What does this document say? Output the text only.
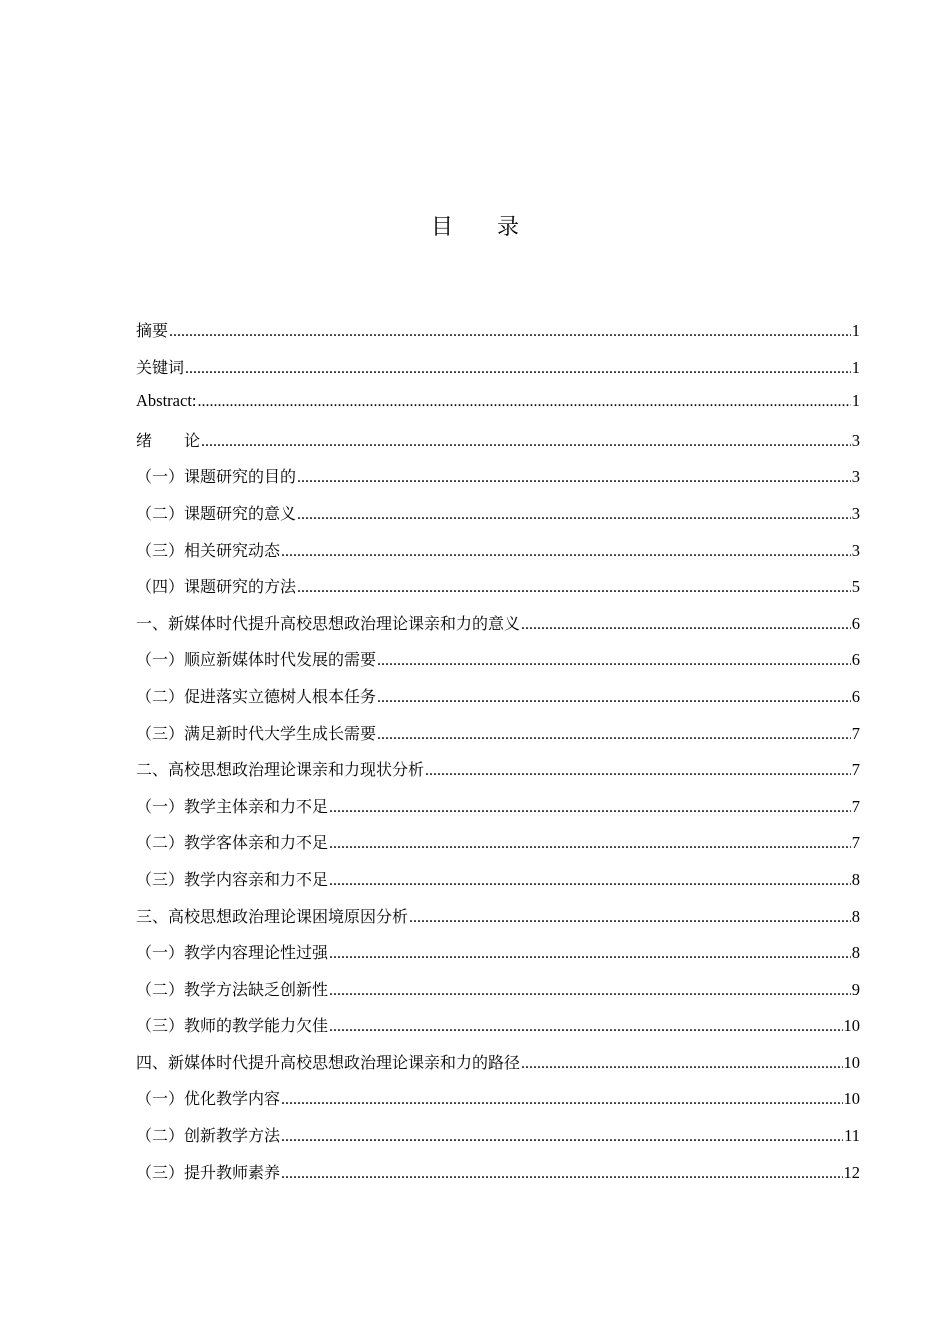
目 录
摘要 .....	1
关键词 .....	1
Abstract: .....	1
绪　　论 .....	3
（一）课题研究的目的 .....	3
（二）课题研究的意义 .....	3
（三）相关研究动态 .....	3
（四）课题研究的方法 .....	5
一、新媒体时代提升高校思想政治理论课亲和力的意义 .....	6
（一）顺应新媒体时代发展的需要 .....	6
（二）促进落实立德树人根本任务 .....	6
（三）满足新时代大学生成长需要 .....	7
二、高校思想政治理论课亲和力现状分析 .....	7
（一）教学主体亲和力不足 .....	7
（二）教学客体亲和力不足 .....	7
（三）教学内容亲和力不足 .....	8
三、高校思想政治理论课困境原因分析 .....	8
（一）教学内容理论性过强 .....	8
（二）教学方法缺乏创新性 .....	9
（三）教师的教学能力欠佳 .....	10
四、新媒体时代提升高校思想政治理论课亲和力的路径 .....	10
（一）优化教学内容 .....	10
（二）创新教学方法 .....	11
（三）提升教师素养 .....	12
